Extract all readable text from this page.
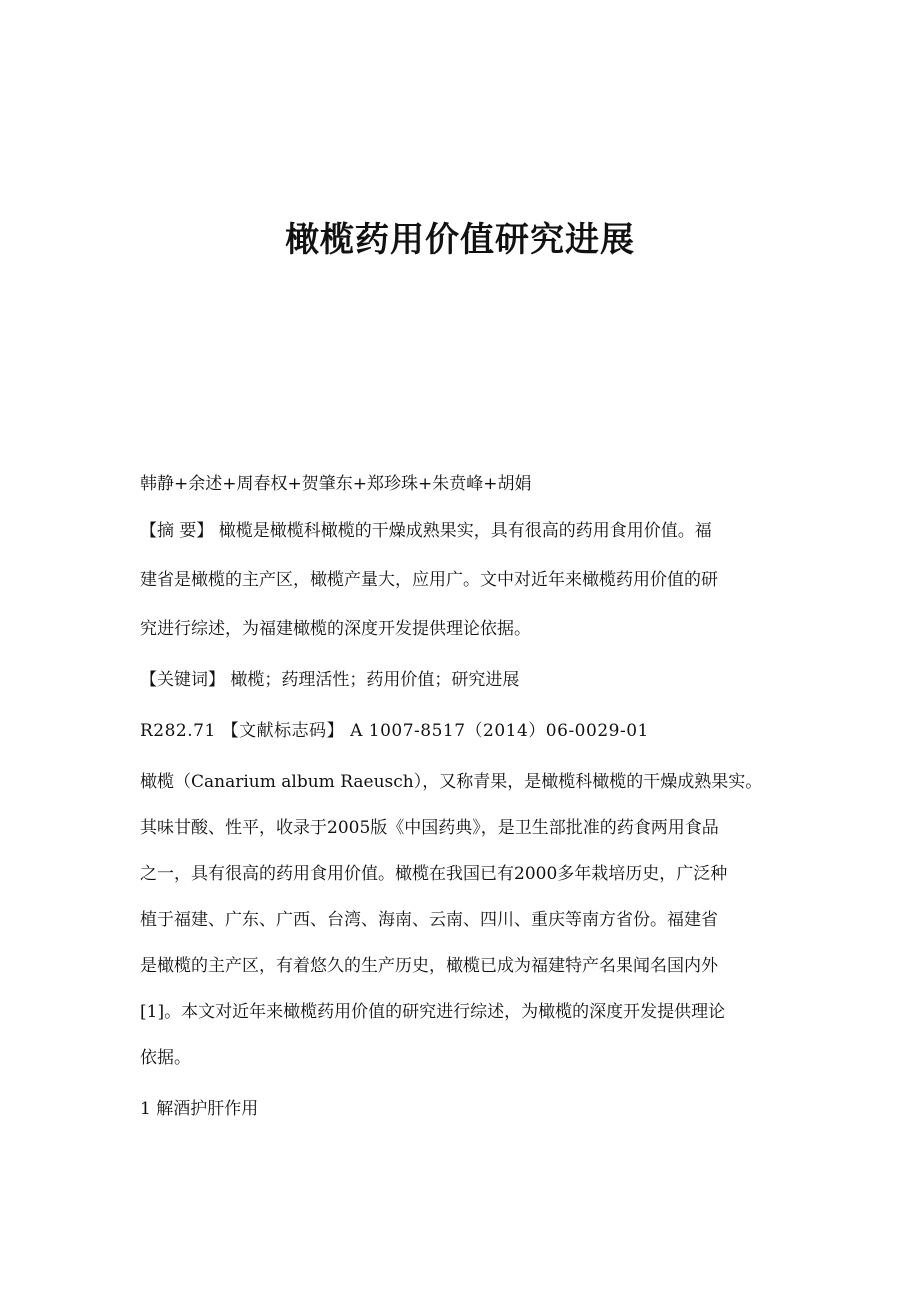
橄榄药用价值研究进展

韩静+余述+周春权+贺肇东+郑珍珠+朱贲峰+胡娟

【摘 要】 橄榄是橄榄科橄榄的干燥成熟果实，具有很高的药用食用价值。福

建省是橄榄的主产区，橄榄产量大，应用广。文中对近年来橄榄药用价值的研

究进行综述，为福建橄榄的深度开发提供理论依据。

【关键词】 橄榄；药理活性；药用价值；研究进展

R282.71 【文献标志码】 A 1007-8517（2014）06-0029-01

橄榄（Canarium album Raeusch），又称青果，是橄榄科橄榄的干燥成熟果实。

其味甘酸、性平，收录于2005版《中国药典》，是卫生部批准的药食两用食品

之一，具有很高的药用食用价值。橄榄在我国已有2000多年栽培历史，广泛种

植于福建、广东、广西、台湾、海南、云南、四川、重庆等南方省份。福建省

是橄榄的主产区，有着悠久的生产历史，橄榄已成为福建特产名果闻名国内外

[1]。本文对近年来橄榄药用价值的研究进行综述，为橄榄的深度开发提供理论

依据。

1 解酒护肝作用
